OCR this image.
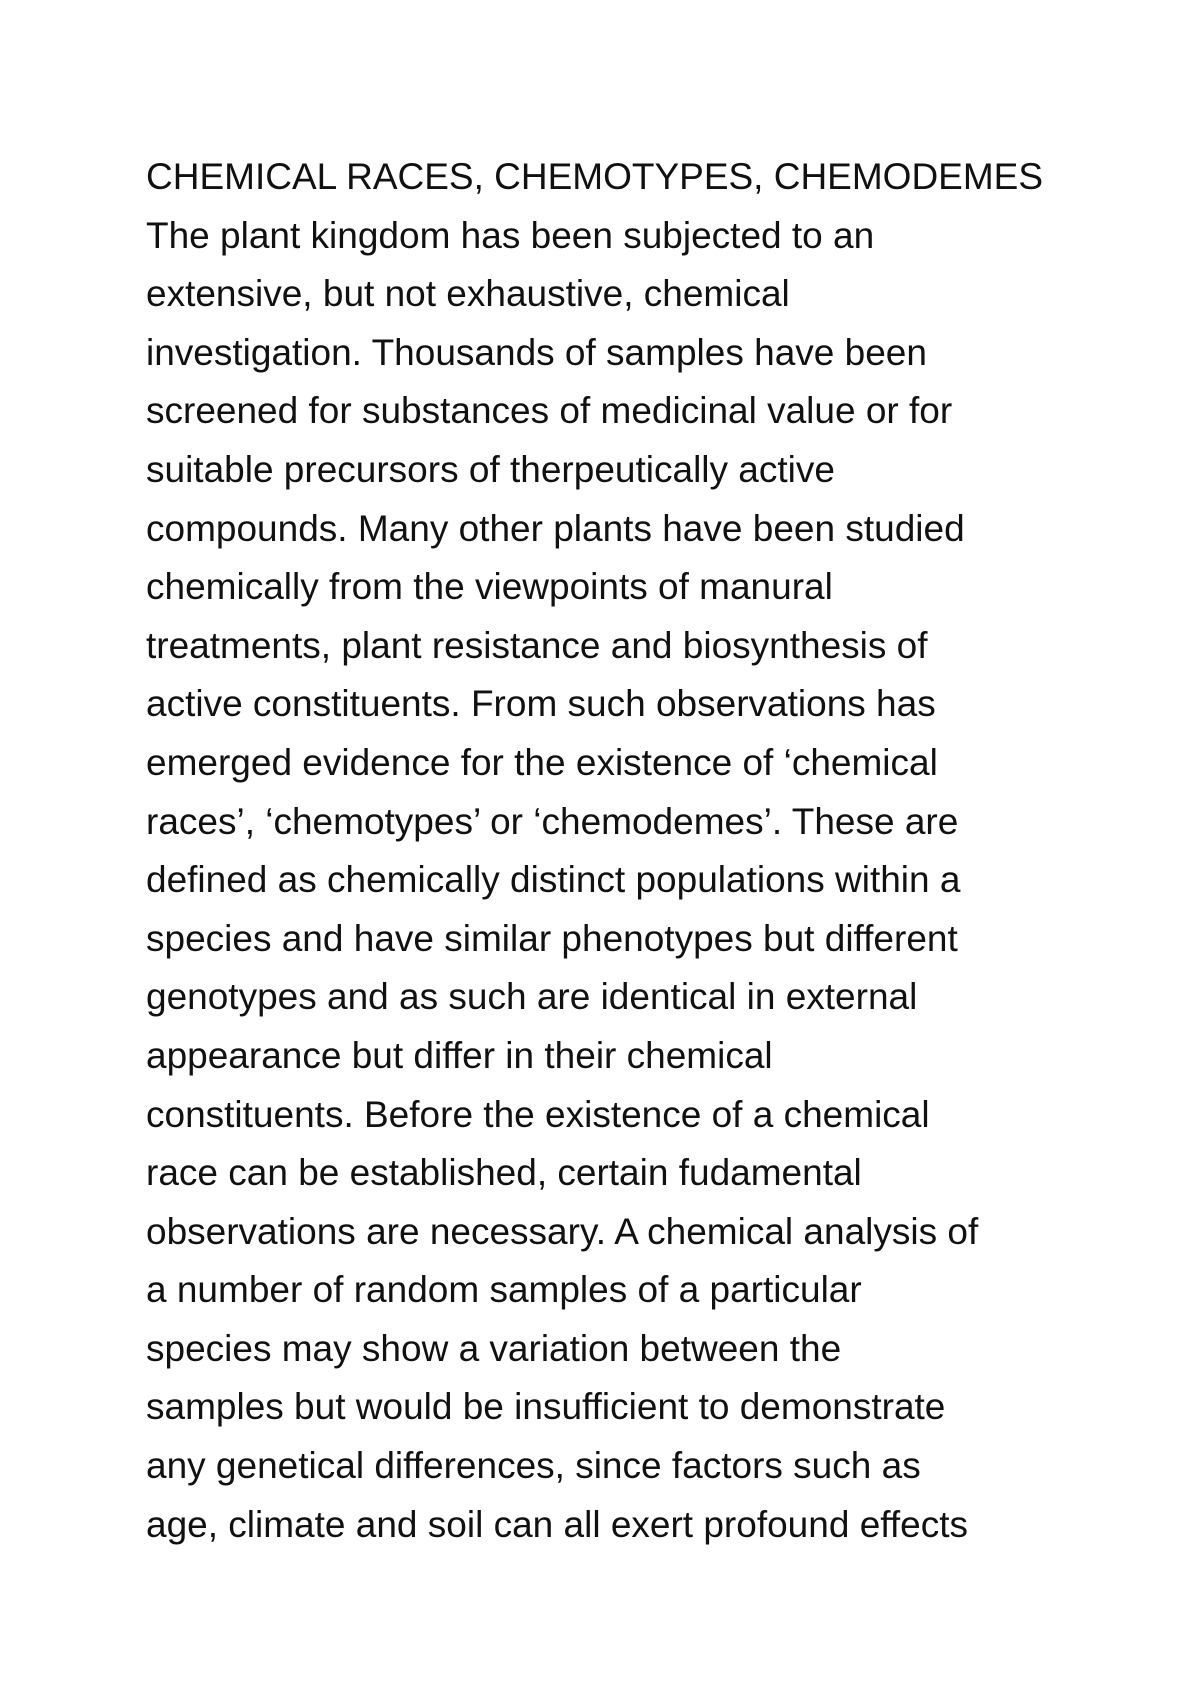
CHEMICAL RACES, CHEMOTYPES, CHEMODEMES
The plant kingdom has been subjected to an
extensive, but not exhaustive, chemical
investigation. Thousands of samples have been
screened for substances of medicinal value or for
suitable precursors of therpeutically active
compounds. Many other plants have been studied
chemically from the viewpoints of manural
treatments, plant resistance and biosynthesis of
active constituents. From such observations has
emerged evidence for the existence of ‘chemical
races’, ‘chemotypes’ or ‘chemodemes’. These are
defined as chemically distinct populations within a
species and have similar phenotypes but different
genotypes and as such are identical in external
appearance but differ in their chemical
constituents. Before the existence of a chemical
race can be established, certain fudamental
observations are necessary. A chemical analysis of
a number of random samples of a particular
species may show a variation between the
samples but would be insufficient to demonstrate
any genetical differences, since factors such as
age, climate and soil can all exert profound effects
